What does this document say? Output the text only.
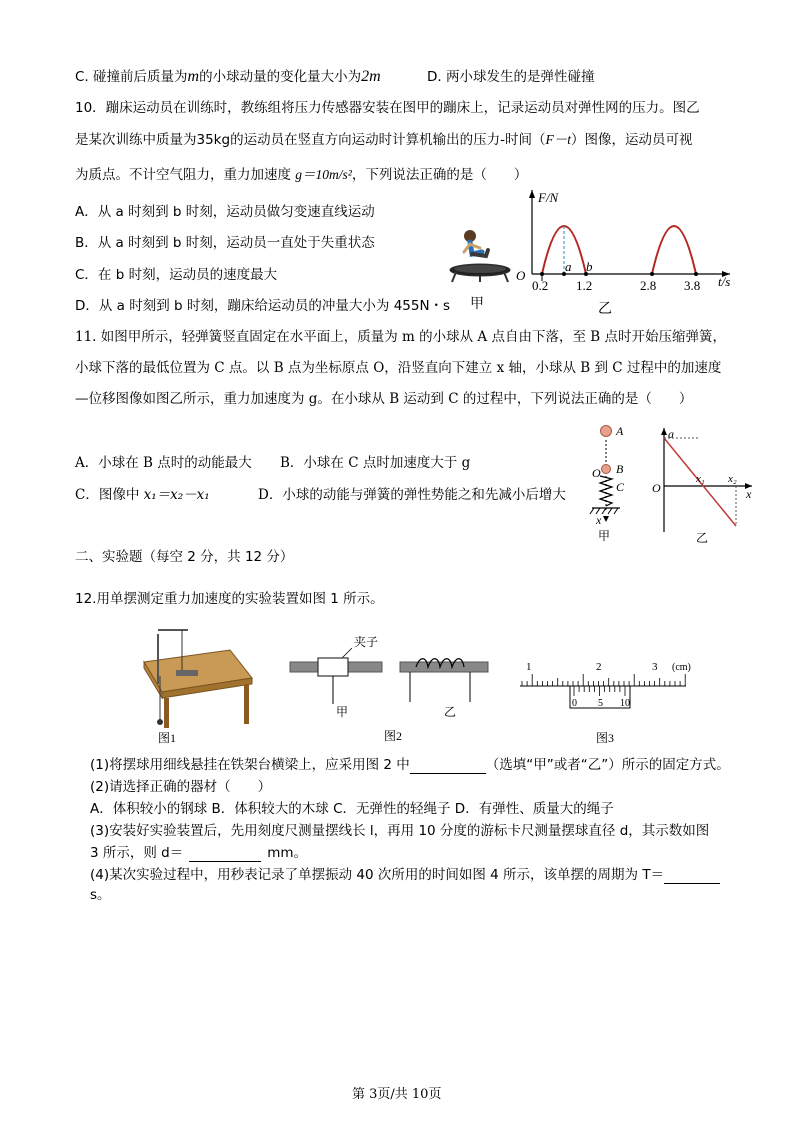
C. 碰撞前后质量为m的小球动量的变化量大小为2m	D. 两小球发生的是弹性碰撞
10．蹦床运动员在训练时，教练组将压力传感器安装在图甲的蹦床上，记录运动员对弹性网的压力。图乙
是某次训练中质量为35kg的运动员在竖直方向运动时计算机输出的压力-时间（F－t）图像，运动员可视
为质点。不计空气阻力，重力加速度 g＝10m/s²，下列说法正确的是（　　）
A．从 a 时刻到 b 时刻，运动员做匀变速直线运动
B．从 a 时刻到 b 时刻，运动员一直处于失重状态
C．在 b 时刻，运动员的速度最大
D．从 a 时刻到 b 时刻，蹦床给运动员的冲量大小为 455N・s 甲
F/N
t/s
O
a b
0.2 1.2	2.8 3.8
乙
11. 如图甲所示，轻弹簧竖直固定在水平面上，质量为 m 的小球从 A 点自由下落，至 B 点时开始压缩弹簧，
小球下落的最低位置为 C 点。以 B 点为坐标原点 O，沿竖直向下建立 x 轴，小球从 B 到 C 过程中的加速度
—位移图像如图乙所示，重力加速度为 g。在小球从 B 运动到 C 的过程中，下列说法正确的是（　　）
A．小球在 B 点时的动能最大 B．小球在 C 点时加速度大于 g
C．图像中 x₁＝x₂－x₁	D．小球的动能与弹簧的弹性势能之和先减小后增大
A
O B
C
x
甲
a
x
O
x₁ x₂
乙
二、实验题（每空 2 分，共 12 分）
12.用单摆测定重力加速度的实验装置如图 1 所示。
图1
夹子
甲	乙
图2
1	2	3 (cm)
0 5 10
图3
(1)将摆球用细线悬挂在铁架台横梁上，应采用图 2 中	（选填“甲”或者“乙”）所示的固定方式。
(2)请选择正确的器材（　　）
A．体积较小的钢球 B．体积较大的木球 C．无弹性的轻绳子 D．有弹性、质量大的绳子
(3)安装好实验装置后，先用刻度尺测量摆线长 l，再用 10 分度的游标卡尺测量摆球直径 d，其示数如图
3 所示，则 d＝	mm。
(4)某次实验过程中，用秒表记录了单摆振动 40 次所用的时间如图 4 所示，该单摆的周期为 T＝
s。
第 3页/共 10页
